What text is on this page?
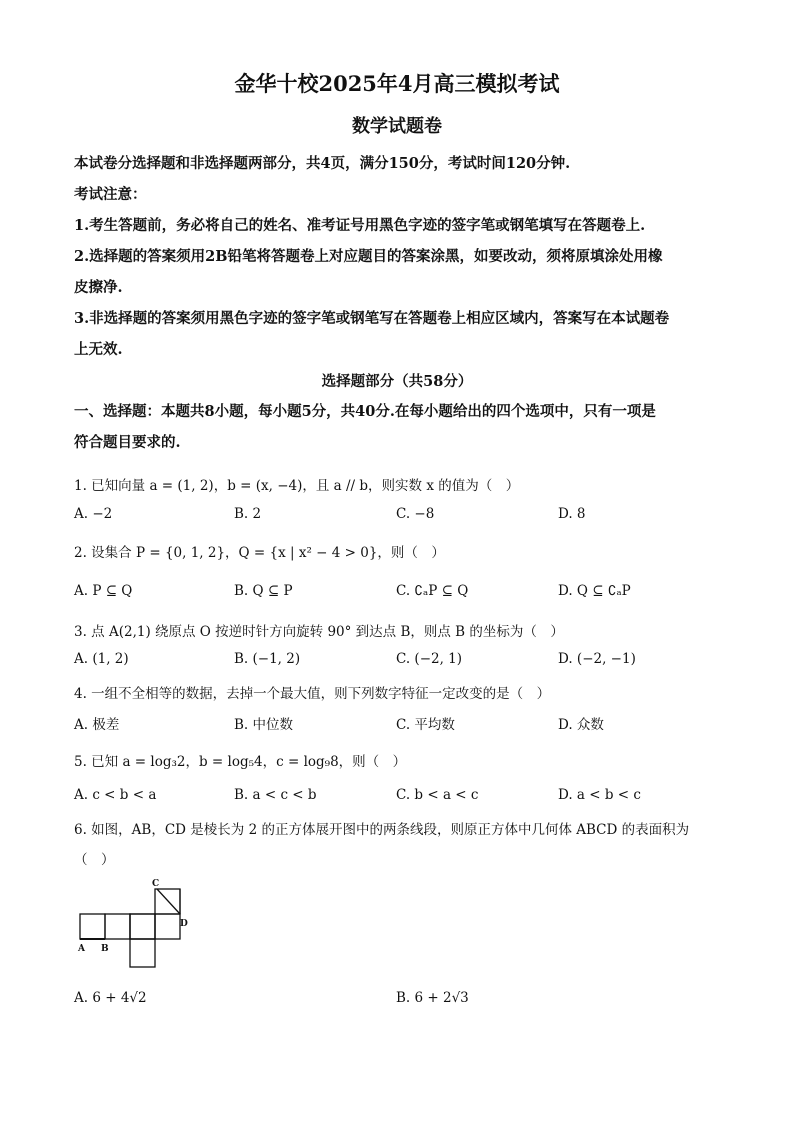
金华十校2025年4月高三模拟考试
数学试题卷
本试卷分选择题和非选择题两部分，共4页，满分150分，考试时间120分钟.
考试注意：
1.考生答题前，务必将自己的姓名、准考证号用黑色字迹的签字笔或钢笔填写在答题卷上.
2.选择题的答案须用2B铅笔将答题卷上对应题目的答案涂黑，如要改动，须将原填涂处用橡
皮擦净.
3.非选择题的答案须用黑色字迹的签字笔或钢笔写在答题卷上相应区域内，答案写在本试题卷
上无效.
选择题部分（共58分）
一、选择题：本题共8小题，每小题5分，共40分.在每小题给出的四个选项中，只有一项是
符合题目要求的.
1. 已知向量 a = (1, 2)，b = (x, −4)，且 a // b，则实数 x 的值为（　）
A. −2	B. 2	C. −8	D. 8
2. 设集合 P = {0, 1, 2}，Q = {x | x² − 4 > 0}，则（　）
A. P ⊆ Q	B. Q ⊆ P	C. ∁ₐP ⊆ Q	D. Q ⊆ ∁ₐP
3. 点 A(2,1) 绕原点 O 按逆时针方向旋转 90° 到达点 B，则点 B 的坐标为（　）
A. (1, 2)	B. (−1, 2)	C. (−2, 1)	D. (−2, −1)
4. 一组不全相等的数据，去掉一个最大值，则下列数字特征一定改变的是（　）
A. 极差	B. 中位数	C. 平均数	D. 众数
5. 已知 a = log₃2，b = log₅4，c = log₉8，则（　）
A. c < b < a	B. a < c < b	C. b < a < c	D. a < b < c
6. 如图，AB，CD 是棱长为 2 的正方体展开图中的两条线段，则原正方体中几何体 ABCD 的表面积为
（　）
A B
C
D
A. 6 + 4√2	B. 6 + 2√3
